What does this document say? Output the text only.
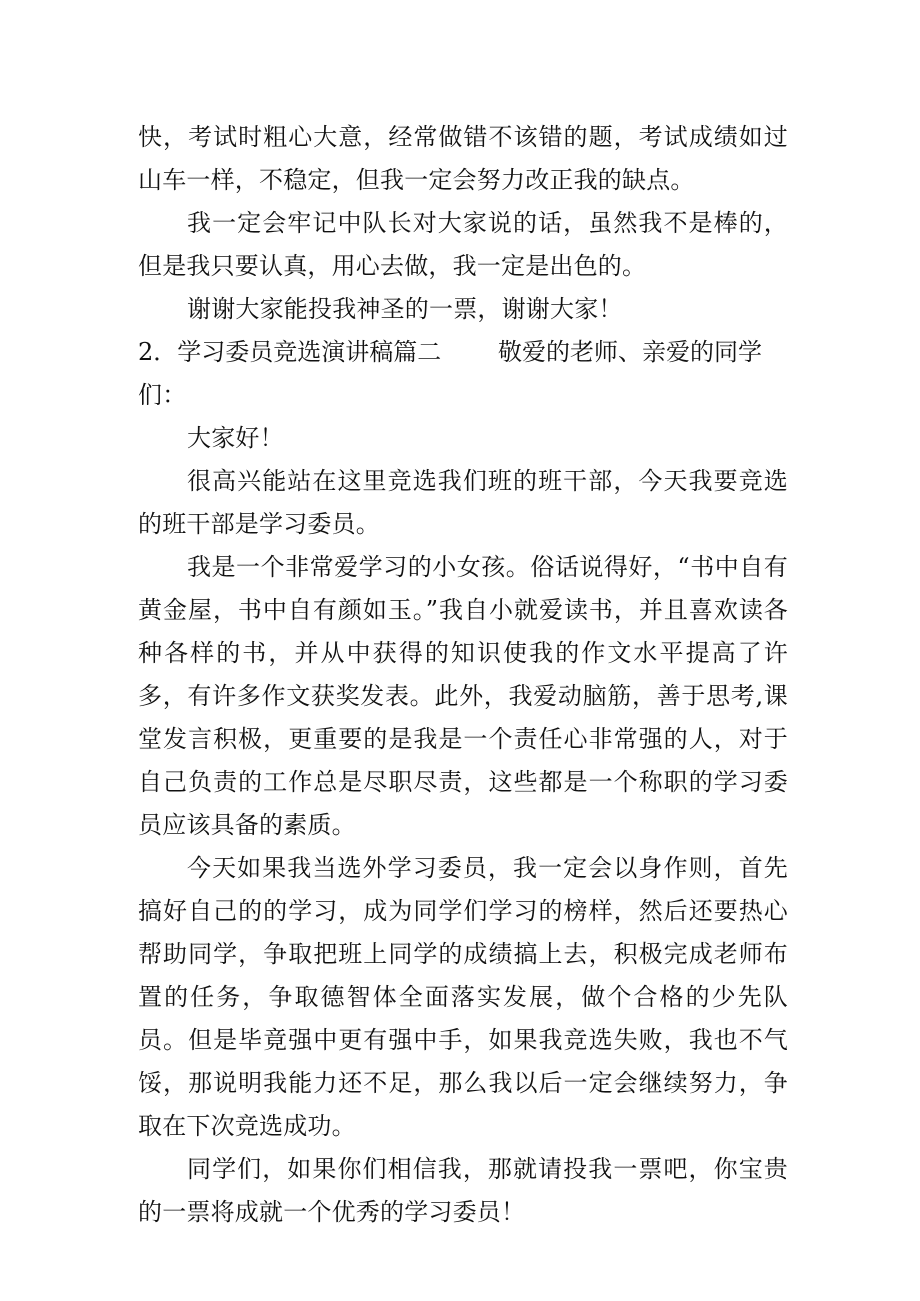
快，考试时粗心大意，经常做错不该错的题，考试成绩如过山车一样，不稳定，但我一定会努力改正我的缺点。

我一定会牢记中队长对大家说的话，虽然我不是棒的，但是我只要认真，用心去做，我一定是出色的。

谢谢大家能投我神圣的一票，谢谢大家！

2．学习委员竞选演讲稿篇二 敬爱的老师、亲爱的同学

们：

大家好！

很高兴能站在这里竞选我们班的班干部，今天我要竞选的班干部是学习委员。

我是一个非常爱学习的小女孩。俗话说得好，“书中自有黄金屋，书中自有颜如玉。”我自小就爱读书，并且喜欢读各种各样的书，并从中获得的知识使我的作文水平提高了许多，有许多作文获奖发表。此外，我爱动脑筋，善于思考,课堂发言积极，更重要的是我是一个责任心非常强的人，对于自己负责的工作总是尽职尽责，这些都是一个称职的学习委员应该具备的素质。

今天如果我当选外学习委员，我一定会以身作则，首先搞好自己的的学习，成为同学们学习的榜样，然后还要热心帮助同学，争取把班上同学的成绩搞上去，积极完成老师布置的任务，争取德智体全面落实发展，做个合格的少先队员。但是毕竟强中更有强中手，如果我竞选失败，我也不气馁，那说明我能力还不足，那么我以后一定会继续努力，争取在下次竞选成功。

同学们，如果你们相信我，那就请投我一票吧，你宝贵的一票将成就一个优秀的学习委员！
